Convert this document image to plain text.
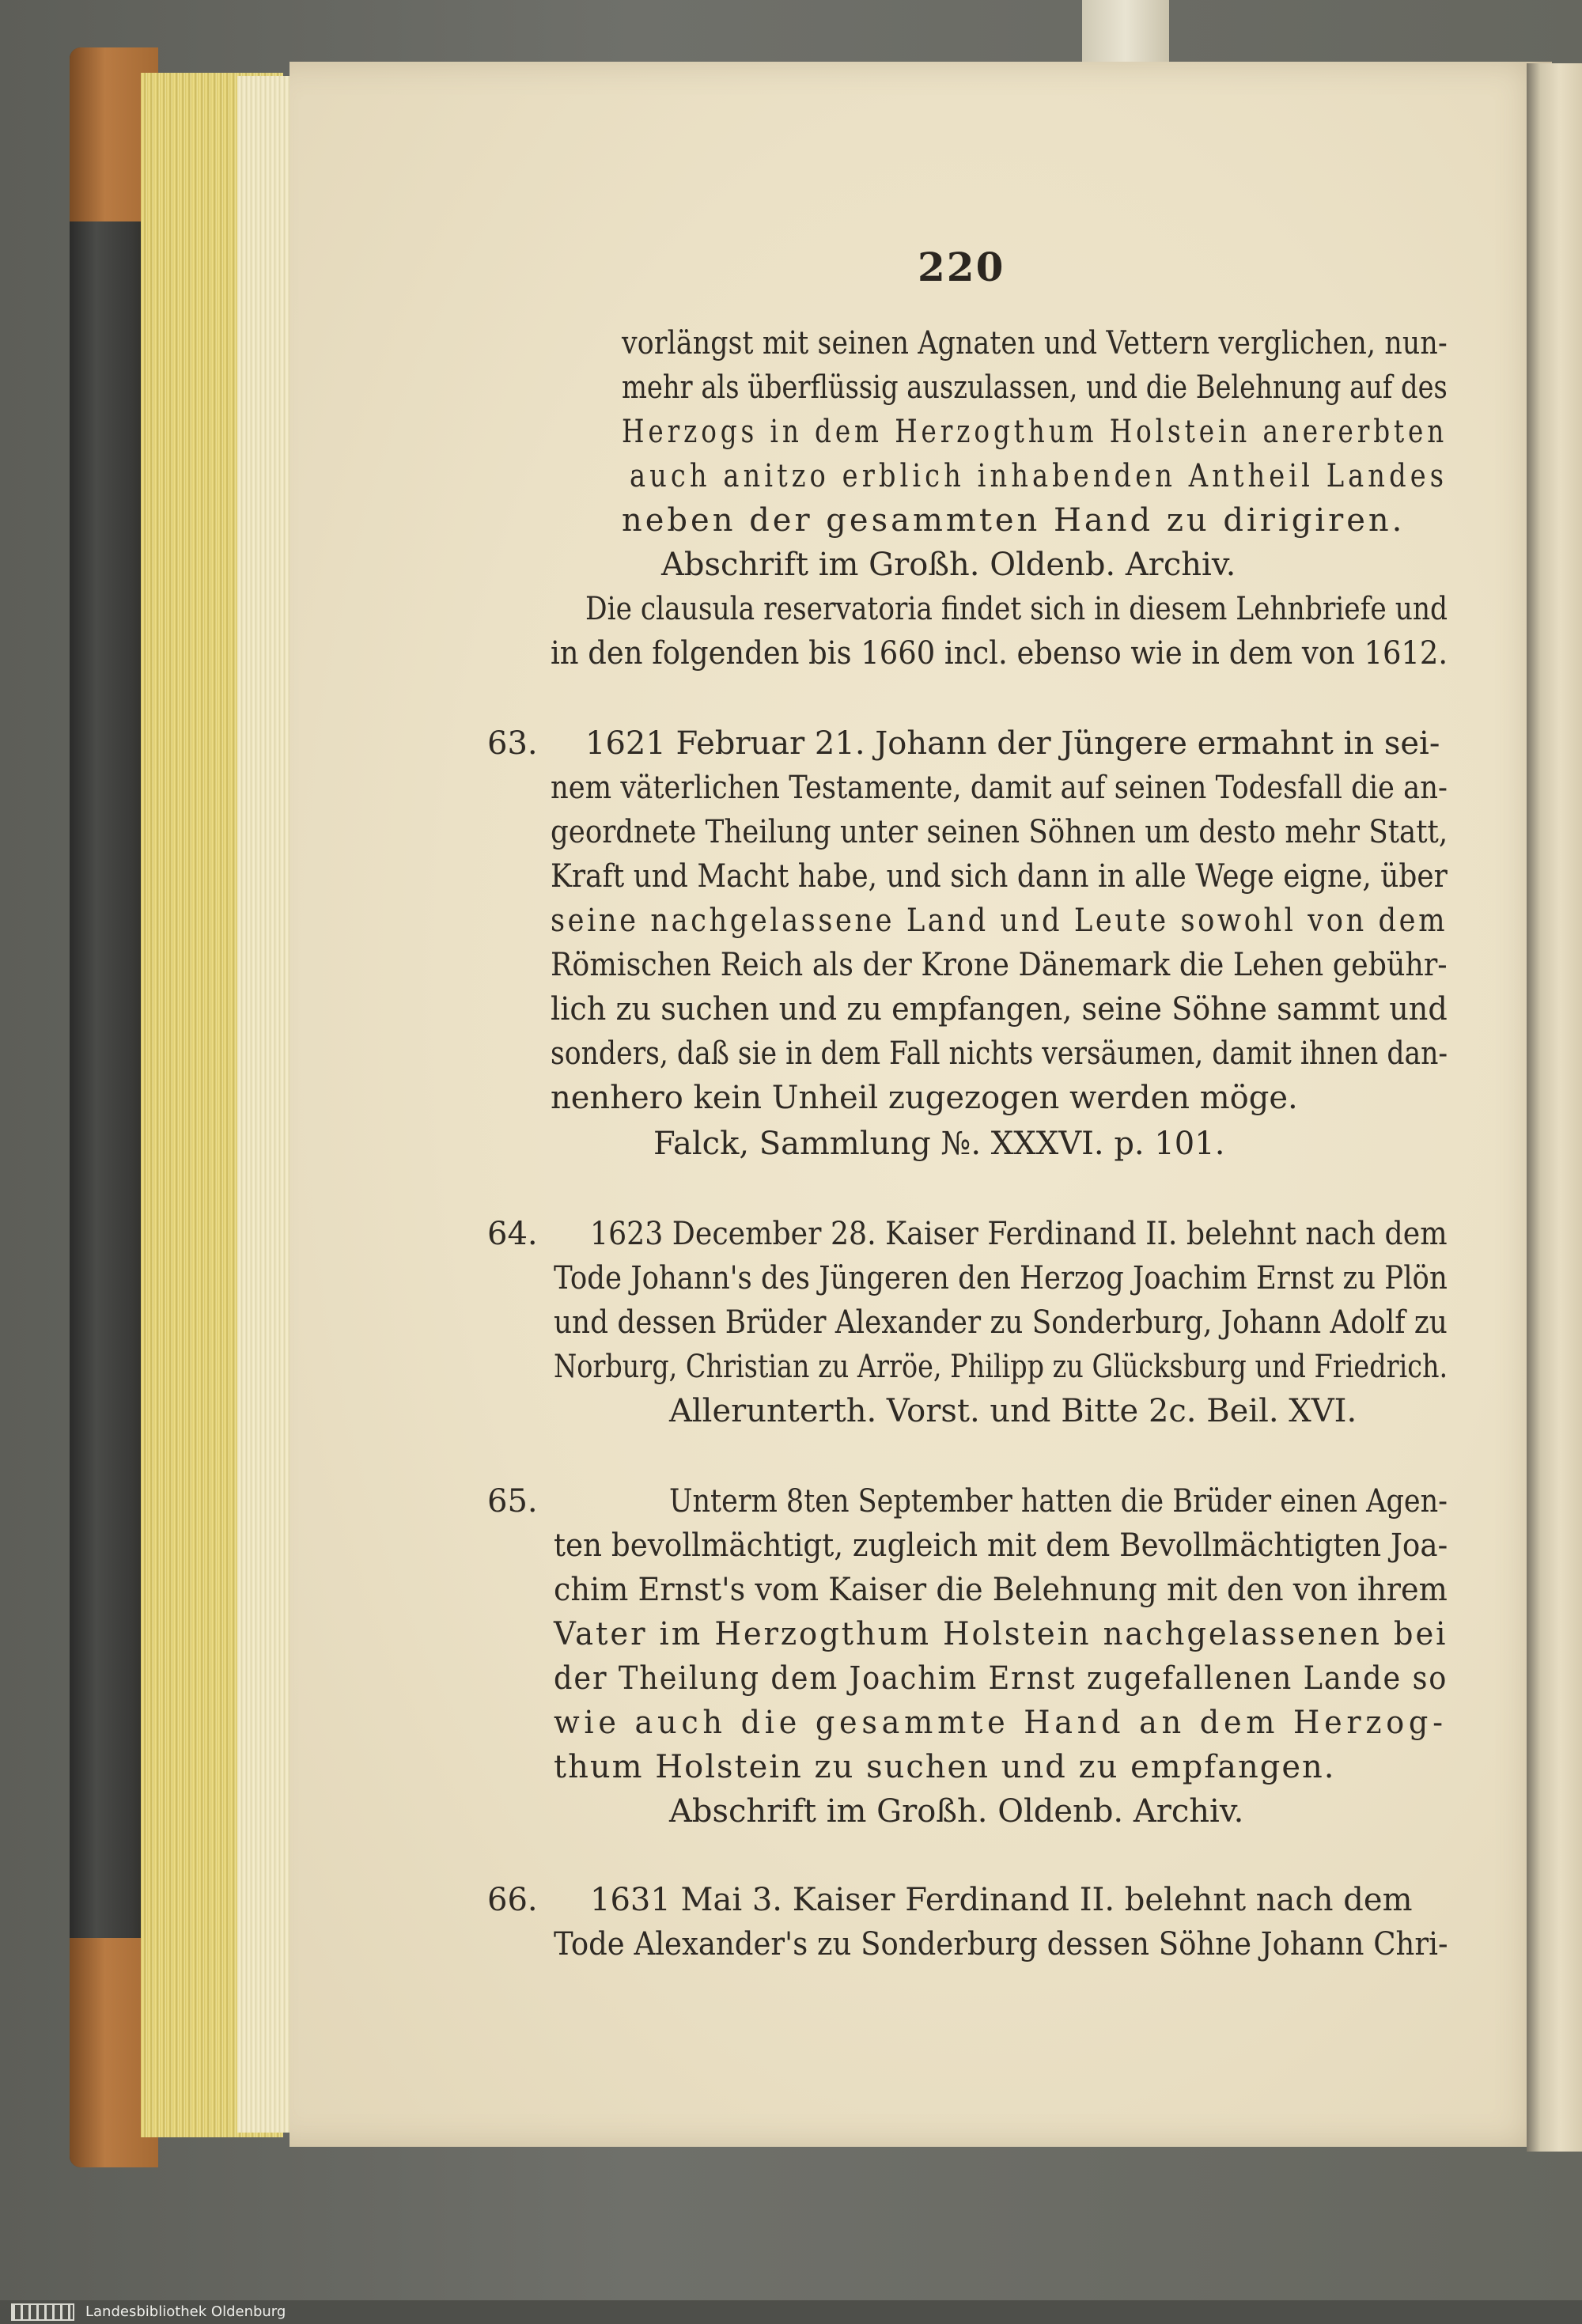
220
vorlängst mit seinen Agnaten und Vettern verglichen, nun-
mehr als überflüssig auszulassen, und die Belehnung auf des
Herzogs in dem Herzogthum Holstein anererbten
auch anitzo erblich inhabenden Antheil Landes
neben der gesammten Hand zu dirigiren.
Abschrift im Großh. Oldenb. Archiv.
Die clausula reservatoria findet sich in diesem Lehnbriefe und
in den folgenden bis 1660 incl. ebenso wie in dem von 1612.
63. 1621 Februar 21. Johann der Jüngere ermahnt in sei-
nem väterlichen Testamente, damit auf seinen Todesfall die an-
geordnete Theilung unter seinen Söhnen um desto mehr Statt,
Kraft und Macht habe, und sich dann in alle Wege eigne, über
seine nachgelassene Land und Leute sowohl von dem
Römischen Reich als der Krone Dänemark die Lehen gebühr-
lich zu suchen und zu empfangen, seine Söhne sammt und
sonders, daß sie in dem Fall nichts versäumen, damit ihnen dan-
nenhero kein Unheil zugezogen werden möge.
Falck, Sammlung №. XXXVI. p. 101.
64. 1623 December 28. Kaiser Ferdinand II. belehnt nach dem
Tode Johann's des Jüngeren den Herzog Joachim Ernst zu Plön
und dessen Brüder Alexander zu Sonderburg, Johann Adolf zu
Norburg, Christian zu Arröe, Philipp zu Glücksburg und Friedrich.
Allerunterth. Vorst. und Bitte 2c. Beil. XVI.
65.	Unterm 8ten September hatten die Brüder einen Agen-
ten bevollmächtigt, zugleich mit dem Bevollmächtigten Joa-
chim Ernst's vom Kaiser die Belehnung mit den von ihrem
Vater im Herzogthum Holstein nachgelassenen bei
der Theilung dem Joachim Ernst zugefallenen Lande so
wie auch die gesammte Hand an dem Herzog-
thum Holstein zu suchen und zu empfangen.
Abschrift im Großh. Oldenb. Archiv.
66. 1631 Mai 3. Kaiser Ferdinand II. belehnt nach dem
Tode Alexander's zu Sonderburg dessen Söhne Johann Chri-
Landesbibliothek Oldenburg
